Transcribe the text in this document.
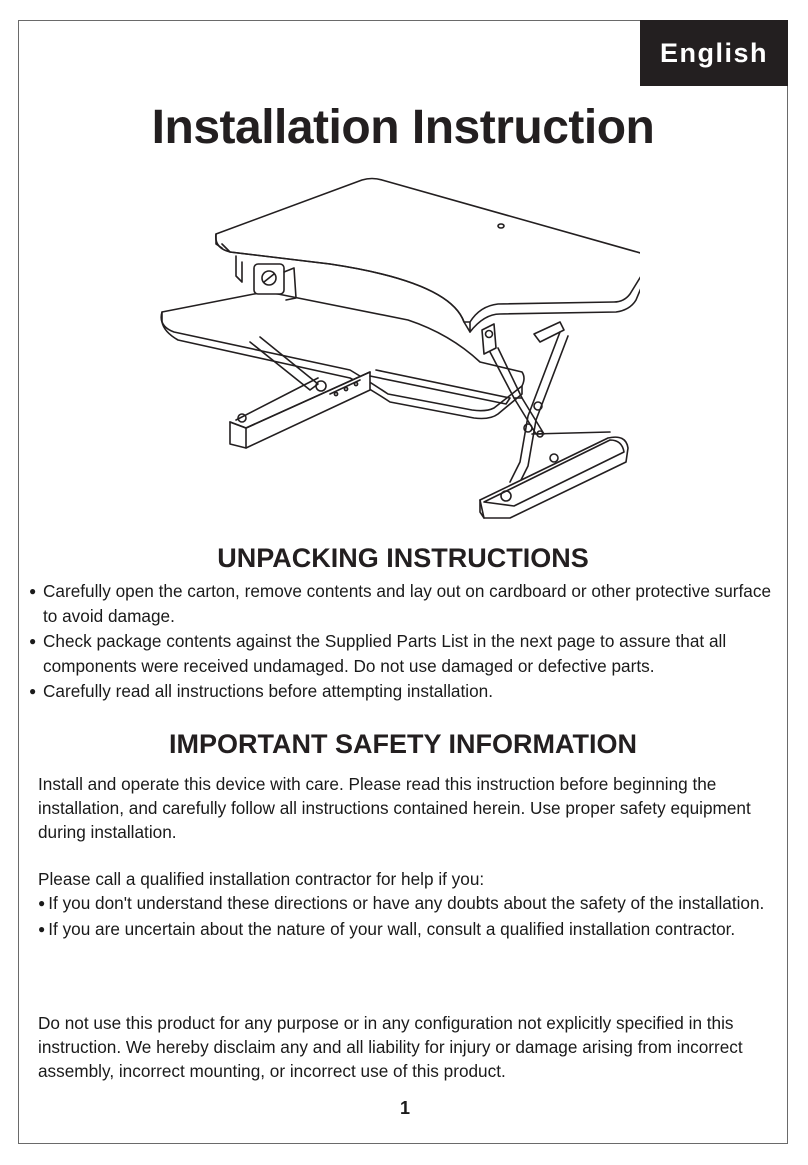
English
Installation Instruction
UNPACKING INSTRUCTIONS
● Carefully open the carton, remove contents and lay out on cardboard or other protective surface to avoid damage.
● Check package contents against the Supplied Parts List in the next page to assure that all components were received undamaged. Do not use damaged or defective parts.
● Carefully read all instructions before attempting installation.
IMPORTANT SAFETY INFORMATION

Install and operate this device with care. Please read this instruction before beginning the installation, and carefully follow all instructions contained herein. Use proper safety equipment during installation.

Please call a qualified installation contractor for help if you:
● If you don't understand these directions or have any doubts about the safety of the installation.
● If you are uncertain about the nature of your wall, consult a qualified installation contractor.

Do not use this product for any purpose or in any configuration not explicitly specified in this instruction. We hereby disclaim any and all liability for injury or damage arising from incorrect assembly, incorrect mounting, or incorrect use of this product.

1
